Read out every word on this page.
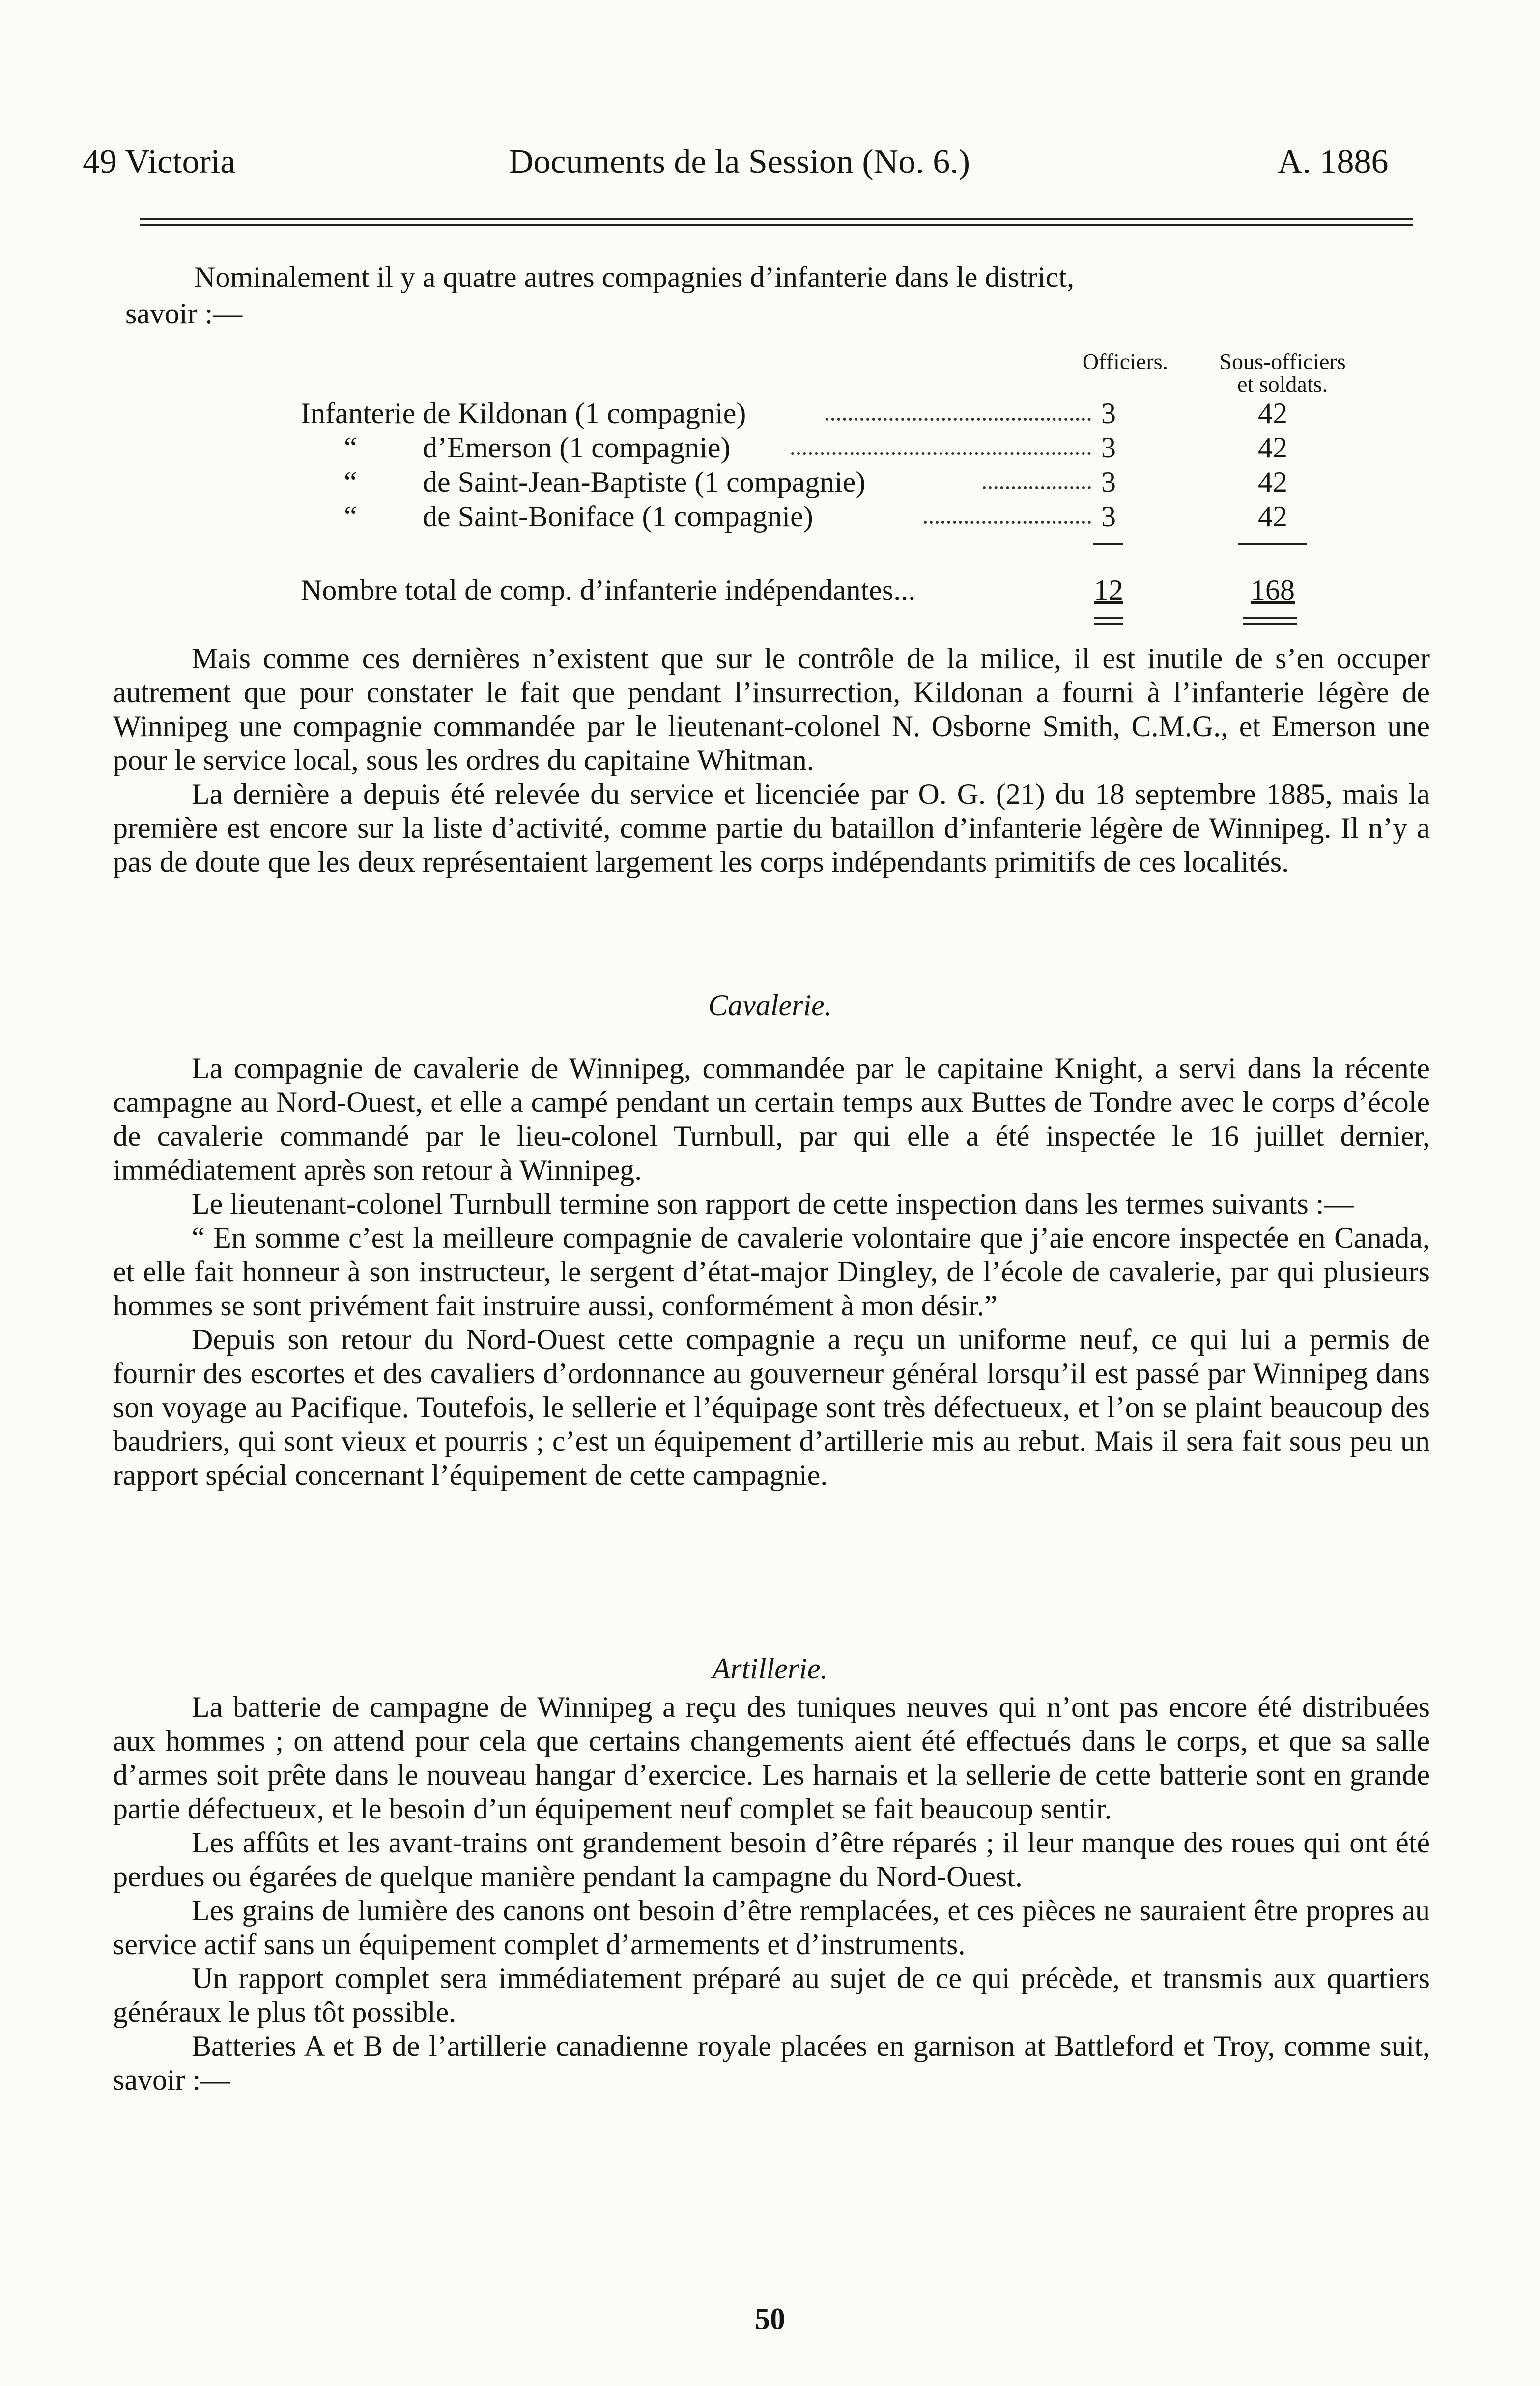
49 Victoria	Documents de la Session (No. 6.)	A. 1886
Nominalement il y a quatre autres compagnies d’infanterie dans le district,
savoir :—
Officiers.	Sous-officiers
et soldats.
Infanterie de Kildonan (1 compagnie)	3	42
“ d’Emerson (1 compagnie)	3	42
“ de Saint-Jean-Baptiste (1 compagnie)	3	42
“ de Saint-Boniface (1 compagnie)	3	42
Nombre total de comp. d’infanterie indépendantes...	12	168

Mais comme ces dernières n’existent que sur le contrôle de la milice, il est inutile de s’en occuper autrement que pour constater le fait que pendant l’insurrection, Kildonan a fourni à l’infanterie légère de Winnipeg une compagnie commandée par le lieutenant-colonel N. Osborne Smith, C.M.G., et Emerson une pour le service local, sous les ordres du capitaine Whitman.

La dernière a depuis été relevée du service et licenciée par O. G. (21) du 18 septembre 1885, mais la première est encore sur la liste d’activité, comme partie du bataillon d’infanterie légère de Winnipeg. Il n’y a pas de doute que les deux représentaient largement les corps indépendants primitifs de ces localités.

Cavalerie.

La compagnie de cavalerie de Winnipeg, commandée par le capitaine Knight, a servi dans la récente campagne au Nord-Ouest, et elle a campé pendant un certain temps aux Buttes de Tondre avec le corps d’école de cavalerie commandé par le lieu-colonel Turnbull, par qui elle a été inspectée le 16 juillet dernier, immédiatement après son retour à Winnipeg.

Le lieutenant-colonel Turnbull termine son rapport de cette inspection dans les termes suivants :—

“ En somme c’est la meilleure compagnie de cavalerie volontaire que j’aie encore inspectée en Canada, et elle fait honneur à son instructeur, le sergent d’état-major Dingley, de l’école de cavalerie, par qui plusieurs hommes se sont privément fait instruire aussi, conformément à mon désir.”

Depuis son retour du Nord-Ouest cette compagnie a reçu un uniforme neuf, ce qui lui a permis de fournir des escortes et des cavaliers d’ordonnance au gouverneur général lorsqu’il est passé par Winnipeg dans son voyage au Pacifique. Toutefois, le sellerie et l’équipage sont très défectueux, et l’on se plaint beaucoup des baudriers, qui sont vieux et pourris ; c’est un équipement d’artillerie mis au rebut. Mais il sera fait sous peu un rapport spécial concernant l’équipement de cette campagnie.

Artillerie.

La batterie de campagne de Winnipeg a reçu des tuniques neuves qui n’ont pas encore été distribuées aux hommes ; on attend pour cela que certains changements aient été effectués dans le corps, et que sa salle d’armes soit prête dans le nouveau hangar d’exercice. Les harnais et la sellerie de cette batterie sont en grande partie défectueux, et le besoin d’un équipement neuf complet se fait beaucoup sentir.

Les affûts et les avant-trains ont grandement besoin d’être réparés ; il leur manque des roues qui ont été perdues ou égarées de quelque manière pendant la campagne du Nord-Ouest.

Les grains de lumière des canons ont besoin d’être remplacées, et ces pièces ne sauraient être propres au service actif sans un équipement complet d’armements et d’instruments.

Un rapport complet sera immédiatement préparé au sujet de ce qui précède, et transmis aux quartiers généraux le plus tôt possible.

Batteries A et B de l’artillerie canadienne royale placées en garnison at Battleford et Troy, comme suit, savoir :—

50
